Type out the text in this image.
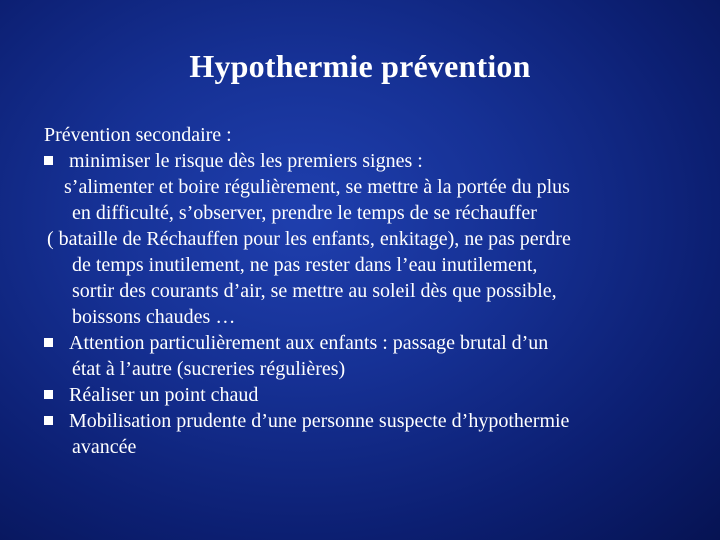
Hypothermie prévention
Prévention secondaire :
minimiser le risque dès les premiers signes :
s’alimenter et boire régulièrement, se mettre à la portée du plus
en difficulté, s’observer, prendre le temps de se réchauffer
( bataille de Réchauffen pour les enfants, enkitage), ne pas perdre
de temps inutilement, ne pas rester dans l’eau inutilement,
sortir des courants d’air, se mettre au soleil dès que possible,
boissons chaudes …
Attention particulièrement aux enfants : passage brutal d’un
état à l’autre (sucreries régulières)
Réaliser un point chaud
Mobilisation prudente d’une personne suspecte d’hypothermie
avancée
